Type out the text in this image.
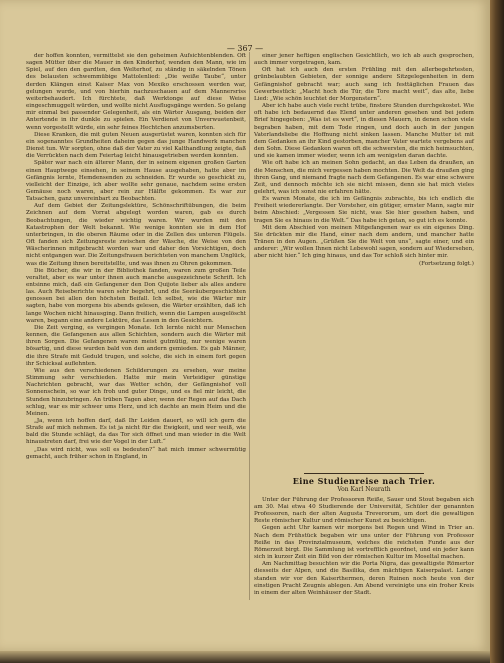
— 367 —

der hoffen konnten, vermittelst sie den geheimen Aufsichtenblenden. Oft sagen Mütter über die Mauer in den Kinderhof, wenden den Mann, wie im Spiel, auf den den gardten, den Welterhof, zu ständig in säkelnden Tönen des belausten schwemmübige Mattolenlied: „Die weiße Taube“, unter derden Klängen einst Kaiser Max von Mexiko erschossen werden war, gelungen wurde, und von hierhin nachzuschauen auf dem Mannersriss weiterbehaudert. Ich fürchtete, daß Werktonge auf diese Weise eingeschmuggelt würden, und wollte nicht Ausflugsgänge werden. So gelang mir einmal bei passender Gelegenheit, als ein Wärter Ausgang, beiden der Antertende in ihr dunkle zu spielen. Ein Verdienst von Unverwuetenbeit, wenn vorgestellt würde, ein sehr feines Hechtchen anzumsberten.

Diese Kranken, die mit guten Neuen ausgerüstet waren, konnten sich für ein sogenanntes Grundheiten daheim gegen das junge Handwerk manchen Dienst tun. Wir sorgten, ohne daß der Vater zu viel Kalthandlung zeigte, daß die Verrückten nach dem Feiertag leicht hinausgetrieben werden konnten.

Später war nach ein älterer Mann, der in seinem eigenen großen Garten einen Hauptwege einsehen, in seinem Hause ausgehaben, hatte aber im Gefängnis lernte, Hemdensenden zu schneiden. Er wurde so geschickt zu, vielleicht der Einzige, ich aber wollte sehr genaue, nachdem seine ersten Gemäuse noch waren, aber rein zur Hälfte gekommen. Es war zur Tatsachen, ganz unvereinbart zu Beobachten.

Auf dem Gebiet der Zeitungslektüre, Schönschriftübungen, die beim Zeichnen auf dem Vorrat abgelegt worden waren, gab es durch Beobachtungen, die wieder wichtig waren. Wir wurden mit den Katastrophen der Welt bekannt. Wie wenige konnten sie in dem Hof unterbringen, in die oberen Räume oder in die Zellen des unteren Flügels. Oft fanden sich Zeitungsreste zwischen der Wäsche, die Weise von den Wäscherinnen mitgebracht worden war und daher den Vorsichtigen, doch nicht entgangen war. Die Zeitungsfrauen berichteten von manchem Unglück, was die Zeitung ihnen bereitstellte, und was ihnen zu Ohren gekommen.

Die Bücher, die wir in der Bibliothek fanden, waren zum großen Teile veraltet, aber es war unter ihnen auch manche ausgezeichnete Schrift. Ich entsinne mich, daß ein Gefangener den Don Quijote lieber als alles andere las. Auch Reiseberichte waren sehr begehrt, und die Seeräubergeschichten genossen bei allen den höchsten Beifall. Ich selbst, wie die Wärter mir sagten, habe von morgens bis abends gelesen, die Wärter erzählten, daß ich lange Wochen nicht hinausging. Dann freilich, wenn die Lampen ausgelöscht waren, begann eine andere Lektüre, das Lesen in den Gesichtern.

Die Zeit verging, es vergingen Monate. Ich lernte nicht nur Menschen kennen, die Gefangenen aus allen Schichten, sondern auch die Wärter mit ihren Sorgen. Die Gefangenen waren meist gutmütig, nur wenige waren bösartig, und diese wurden bald von den andern gemieden. Es gab Männer, die ihre Strafe mit Geduld trugen, und solche, die sich in einem fort gegen ihr Schicksal auflehnten.

Wie aus den verschiedenen Schilderungen zu ersehen, war meine Stimmung sehr verschieden. Hatte mir mein Verteidiger günstige Nachrichten gebracht, war das Wetter schön, der Gefängnishof voll Sonnenschein, so war ich froh und guter Dinge, und es fiel mir leicht, die Stunden hinzubringen. An trüben Tagen aber, wenn der Regen auf das Dach schlug, war es mir schwer ums Herz, und ich dachte an mein Heim und die Meinen.

„Ja, wenn ich hoffen darf, daß Ihr Leiden dauert, so will ich gern die Strafe auf mich nehmen. Es ist ja nicht für die Ewigkeit, und wer weiß, wie bald die Stunde schlägt, da das Tor sich öffnet und man wieder in die Welt hinaustreten darf, frei wie der Vogel in der Luft.“

„Das wird nicht, was soll es bedeuten?“ hat mich immer schwermütig gemacht, auch früher schon in England, in

einer jener heftigen englischen Gesichtlich, wo ich ab auch gesprochen, auch immer vorgetragen, kam.

Oft hat ich auch den ersten Frühling mit den allerbegehrtesten, grünbelaubten Gebieten, der sonnige andere Sitzgelegenheiten in dem Gefängnishof gebracht war; auch sang ich festtäglichen Frauen das Gewerbestück: „Macht hoch die Tür, die Tore macht weit“, das alte, liebe Lied: „Wie schön leuchtet der Morgenstern“.

Aber ich habe auch viele recht trübe, finstere Stunden durchgekostet. Wie oft habe ich bedauernd das Elend unter anderen gesehen und bei jedem Brief hingegeben: „Was ist es wert“, in diesen Mauern, in denen schon viele begraben haben, mit dem Tode ringen, und doch auch in der jungen Vaterlandsliebe die Hoffnung nicht sinken lassen. Manche Mutter ist mit dem Gedanken an ihr Kind gestorben, mancher Vater wartete vergebens auf den Sohn. Diese Gedanken waren oft die schwersten, die mich heimsuchten, und sie kamen immer wieder, wenn ich am wenigsten daran dachte.

Wie oft habe ich an meinen Sohn gedacht, an das Leben da draußen, an die Menschen, die mich vergessen haben mochten. Die Welt da draußen ging ihren Gang, und niemand fragte nach dem Gefangenen. Es war eine schwere Zeit, und dennoch möchte ich sie nicht missen, denn sie hat mich vieles gelehrt, was ich sonst nie erfahren hätte.

Es waren Monate, die ich im Gefängnis zubrachte, bis ich endlich die Freiheit wiedererlangte. Der Vorsteher, ein gütiger, ernster Mann, sagte mir beim Abschied: „Vergessen Sie nicht, was Sie hier gesehen haben, und tragen Sie es hinaus in die Welt.“ Das habe ich getan, so gut ich es konnte.

Mit dem Abschied von meinen Mitgefangenen war es ein eigenes Ding. Sie drückten mir die Hand, einer nach dem andern, und mancher hatte Tränen in den Augen. „Grüßen Sie die Welt von uns“, sagte einer, und ein anderer: „Wir wollen Ihnen nicht Lebewohl sagen, sondern auf Wiedersehen, aber nicht hier.“ Ich ging hinaus, und das Tor schloß sich hinter mir.

(Fortsetzung folgt.)

Eine Studienreise nach Trier.
Von Karl Neurath

Unter der Führung der Professoren Reiße, Sauer und Stout begaben sich am 30. Mai etwa 40 Studierende der Universität, Schüler der genannten Professoren, nach der alten Augusta Treverorum, um dort die gewaltigen Reste römischer Kultur und römischer Kunst zu besichtigen.

Gegen acht Uhr kamen wir morgens bei Regen und Wind in Trier an. Nach dem Frühstück begaben wir uns unter der Führung von Professor Reiße in das Provinzialmuseum, welches die reichsten Funde aus der Römerzeit birgt. Die Sammlung ist vortrefflich geordnet, und ein jeder kann sich in kurzer Zeit ein Bild von der römischen Kultur im Moseltal machen.

Am Nachmittag besuchten wir die Porta Nigra, das gewaltigste Römertor diesseits der Alpen, und die Basilika, den mächtigen Kaiserpalast. Lange standen wir vor den Kaiserthermen, deren Ruinen noch heute von der einstigen Pracht Zeugnis ablegen. Am Abend vereinigte uns ein froher Kreis in einem der alten Weinhäuser der Stadt.
